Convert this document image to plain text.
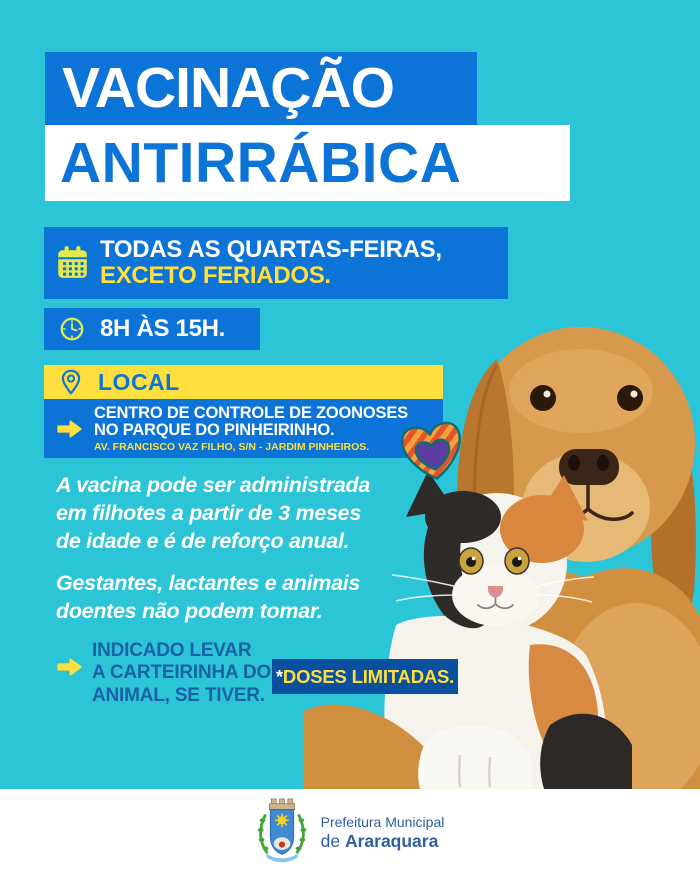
VACINAÇÃO
ANTIRRÁBICA
TODAS AS QUARTAS-FEIRAS,
EXCETO FERIADOS.
8H ÀS 15H.
LOCAL
CENTRO DE CONTROLE DE ZOONOSES
NO PARQUE DO PINHEIRINHO.
AV. FRANCISCO VAZ FILHO, S/N - JARDIM PINHEIROS.

A vacina pode ser administrada
em filhotes a partir de 3 meses
de idade e é de reforço anual.

Gestantes, lactantes e animais
doentes não podem tomar.

INDICADO LEVAR
A CARTEIRINHA DO
ANIMAL, SE TIVER.

* DOSES LIMITADAS.
Prefeitura Municipal
de Araraquara
